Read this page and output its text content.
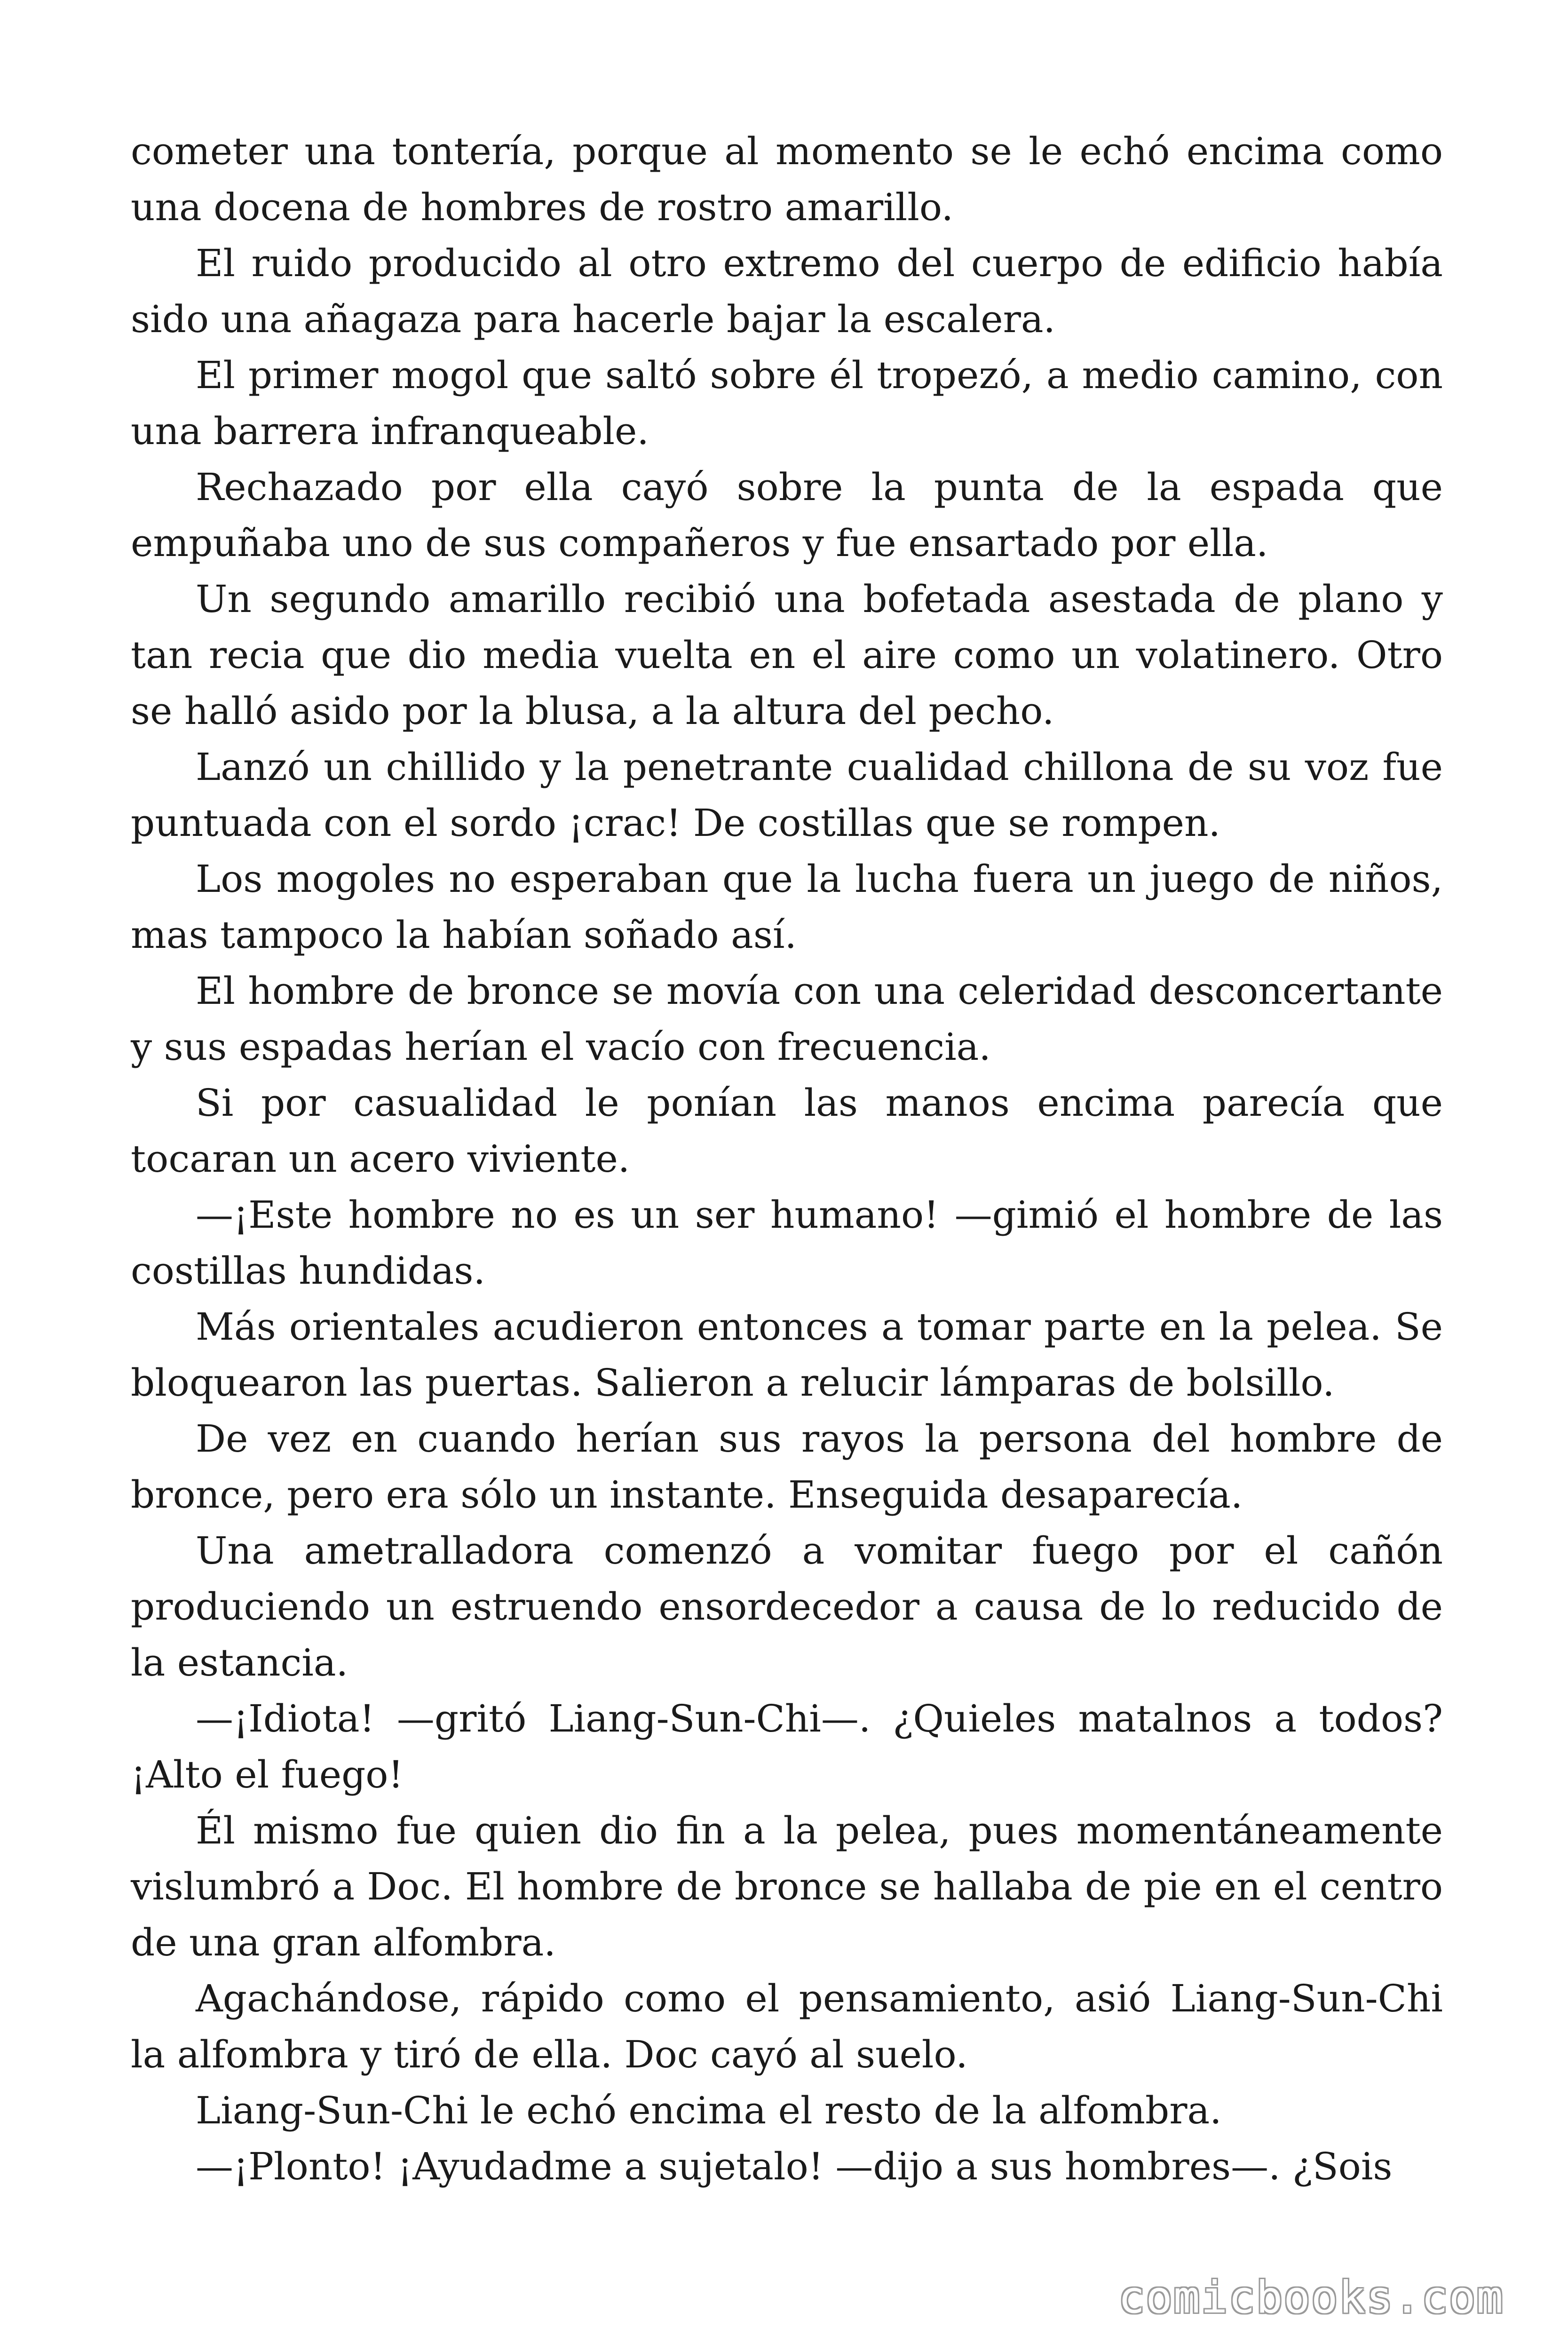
cometer una tontería, porque al momento se le echó encima como una docena de hombres de rostro amarillo.

El ruido producido al otro extremo del cuerpo de edificio había sido una añagaza para hacerle bajar la escalera.

El primer mogol que saltó sobre él tropezó, a medio camino, con una barrera infranqueable.

Rechazado por ella cayó sobre la punta de la espada que empuñaba uno de sus compañeros y fue ensartado por ella.

Un segundo amarillo recibió una bofetada asestada de plano y tan recia que dio media vuelta en el aire como un volatinero. Otro se halló asido por la blusa, a la altura del pecho.

Lanzó un chillido y la penetrante cualidad chillona de su voz fue puntuada con el sordo ¡crac! De costillas que se rompen.

Los mogoles no esperaban que la lucha fuera un juego de niños, mas tampoco la habían soñado así.

El hombre de bronce se movía con una celeridad desconcertante y sus espadas herían el vacío con frecuencia.

Si por casualidad le ponían las manos encima parecía que tocaran un acero viviente.

—¡Este hombre no es un ser humano! —gimió el hombre de las costillas hundidas.

Más orientales acudieron entonces a tomar parte en la pelea. Se bloquearon las puertas. Salieron a relucir lámparas de bolsillo.

De vez en cuando herían sus rayos la persona del hombre de bronce, pero era sólo un instante. Enseguida desaparecía.

Una ametralladora comenzó a vomitar fuego por el cañón produciendo un estruendo ensordecedor a causa de lo reducido de la estancia.

—¡Idiota! —gritó Liang-Sun-Chi—. ¿Quieles matalnos a todos? ¡Alto el fuego!

Él mismo fue quien dio fin a la pelea, pues momentáneamente vislumbró a Doc. El hombre de bronce se hallaba de pie en el centro de una gran alfombra.

Agachándose, rápido como el pensamiento, asió Liang-Sun-Chi la alfombra y tiró de ella. Doc cayó al suelo.

Liang-Sun-Chi le echó encima el resto de la alfombra.

—¡Plonto! ¡Ayudadme a sujetalo! —dijo a sus hombres—. ¿Sois

comicbooks.com
